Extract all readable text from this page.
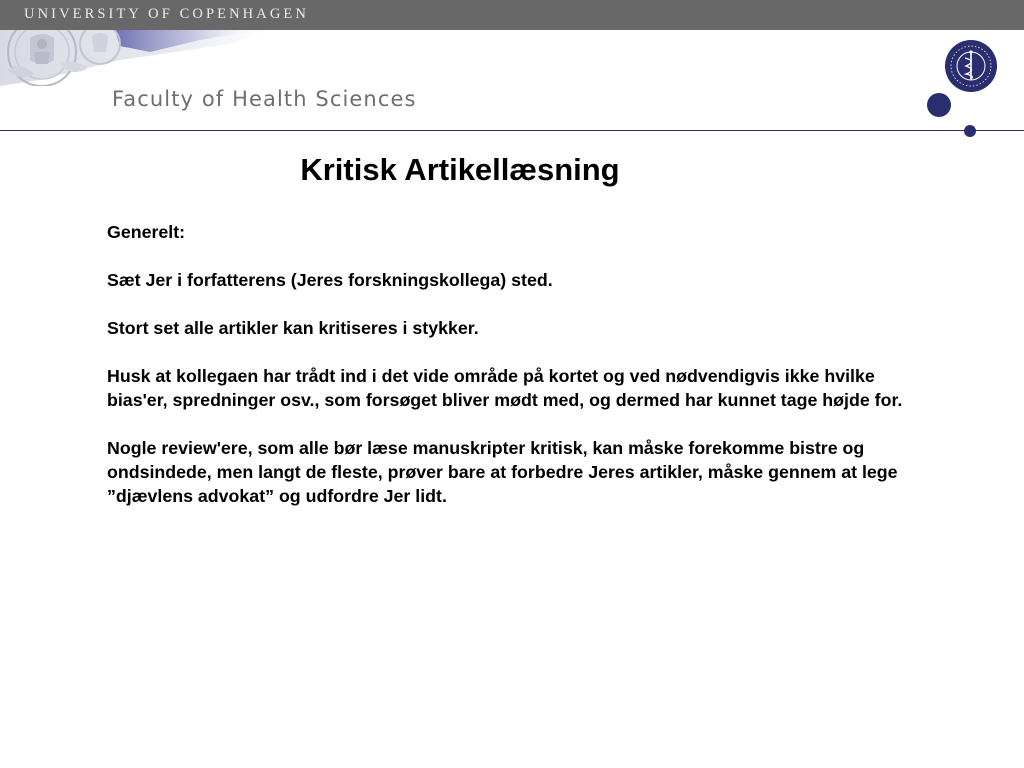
UNIVERSITY OF COPENHAGEN
Faculty of Health Sciences
Kritisk Artikellæsning

Generelt:

Sæt Jer i forfatterens (Jeres forskningskollega) sted.

Stort set alle artikler kan kritiseres i stykker.

Husk at kollegaen har trådt ind i det vide område på kortet og ved nødvendigvis ikke hvilke bias'er, spredninger osv., som forsøget bliver mødt med, og dermed har kunnet tage højde for.

Nogle review'ere, som alle bør læse manuskripter kritisk, kan måske forekomme bistre og ondsindede, men langt de fleste, prøver bare at forbedre Jeres artikler, måske gennem at lege ”djævlens advokat” og udfordre Jer lidt.
